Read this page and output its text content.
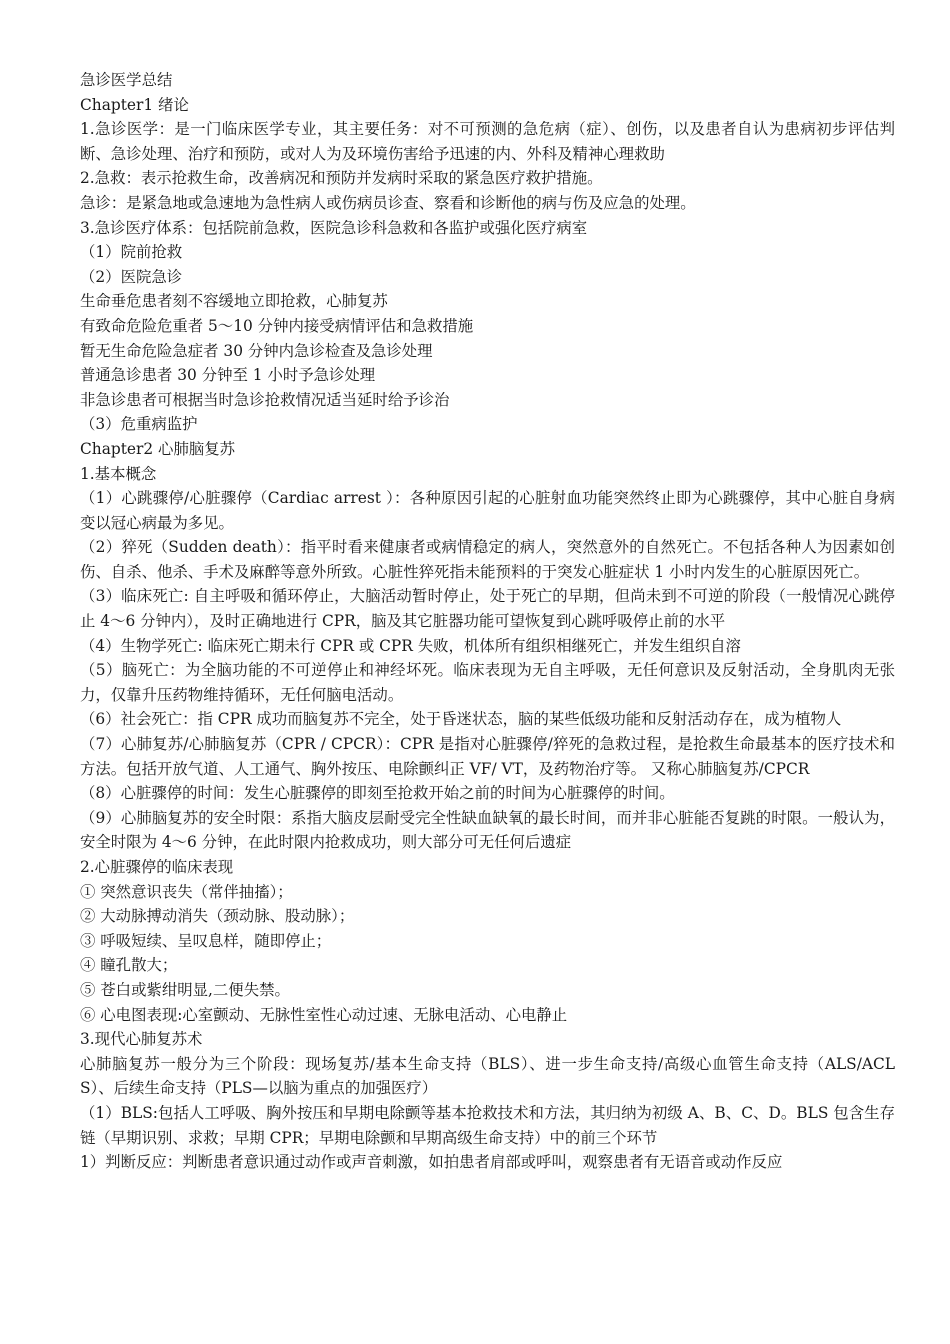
急诊医学总结

Chapter1 绪论

1.急诊医学：是一门临床医学专业，其主要任务：对不可预测的急危病（症）、创伤，以及患者自认为患病初步评估判断、急诊处理、治疗和预防，或对人为及环境伤害给予迅速的内、外科及精神心理救助

2.急救：表示抢救生命，改善病况和预防并发病时采取的紧急医疗救护措施。

急诊：是紧急地或急速地为急性病人或伤病员诊查、察看和诊断他的病与伤及应急的处理。

3.急诊医疗体系：包括院前急救，医院急诊科急救和各监护或强化医疗病室

（1）院前抢救

（2）医院急诊

生命垂危患者刻不容缓地立即抢救，心肺复苏

有致命危险危重者 5～10 分钟内接受病情评估和急救措施

暂无生命危险急症者 30 分钟内急诊检查及急诊处理

普通急诊患者 30 分钟至 1 小时予急诊处理

非急诊患者可根据当时急诊抢救情况适当延时给予诊治

（3）危重病监护

Chapter2 心肺脑复苏

1.基本概念

（1）心跳骤停/心脏骤停（Cardiac arrest ）：各种原因引起的心脏射血功能突然终止即为心跳骤停，其中心脏自身病变以冠心病最为多见。

（2）猝死（Sudden death）：指平时看来健康者或病情稳定的病人，突然意外的自然死亡。不包括各种人为因素如创伤、自杀、他杀、手术及麻醉等意外所致。心脏性猝死指未能预料的于突发心脏症状 1 小时内发生的心脏原因死亡。

（3）临床死亡: 自主呼吸和循环停止，大脑活动暂时停止，处于死亡的早期，但尚未到不可逆的阶段（一般情况心跳停止 4～6 分钟内），及时正确地进行 CPR，脑及其它脏器功能可望恢复到心跳呼吸停止前的水平

（4）生物学死亡: 临床死亡期未行 CPR 或 CPR 失败，机体所有组织相继死亡，并发生组织自溶

（5）脑死亡：为全脑功能的不可逆停止和神经坏死。临床表现为无自主呼吸，无任何意识及反射活动，全身肌肉无张力，仅靠升压药物维持循环，无任何脑电活动。

（6）社会死亡：指 CPR 成功而脑复苏不完全，处于昏迷状态，脑的某些低级功能和反射活动存在，成为植物人

（7）心肺复苏/心肺脑复苏（CPR / CPCR）：CPR 是指对心脏骤停/猝死的急救过程，是抢救生命最基本的医疗技术和方法。包括开放气道、人工通气、胸外按压、电除颤纠正 VF/ VT，及药物治疗等。 又称心肺脑复苏/CPCR

（8）心脏骤停的时间：发生心脏骤停的即刻至抢救开始之前的时间为心脏骤停的时间。

（9）心肺脑复苏的安全时限：系指大脑皮层耐受完全性缺血缺氧的最长时间，而并非心脏能否复跳的时限。一般认为，安全时限为 4～6 分钟，在此时限内抢救成功，则大部分可无任何后遗症

2.心脏骤停的临床表现

① 突然意识丧失（常伴抽搐）；

② 大动脉搏动消失（颈动脉、股动脉）；

③ 呼吸短续、呈叹息样，随即停止；

④ 瞳孔散大；

⑤ 苍白或紫绀明显,二便失禁。

⑥ 心电图表现:心室颤动、无脉性室性心动过速、无脉电活动、心电静止

3.现代心肺复苏术

心肺脑复苏一般分为三个阶段：现场复苏/基本生命支持（BLS）、进一步生命支持/高级心血管生命支持（ALS/ACLS）、后续生命支持（PLS—以脑为重点的加强医疗）

（1）BLS:包括人工呼吸、胸外按压和早期电除颤等基本抢救技术和方法，其归纳为初级 A、B、C、D。BLS 包含生存链（早期识别、求救；早期 CPR；早期电除颤和早期高级生命支持）中的前三个环节

1）判断反应：判断患者意识通过动作或声音刺激，如拍患者肩部或呼叫，观察患者有无语音或动作反应
